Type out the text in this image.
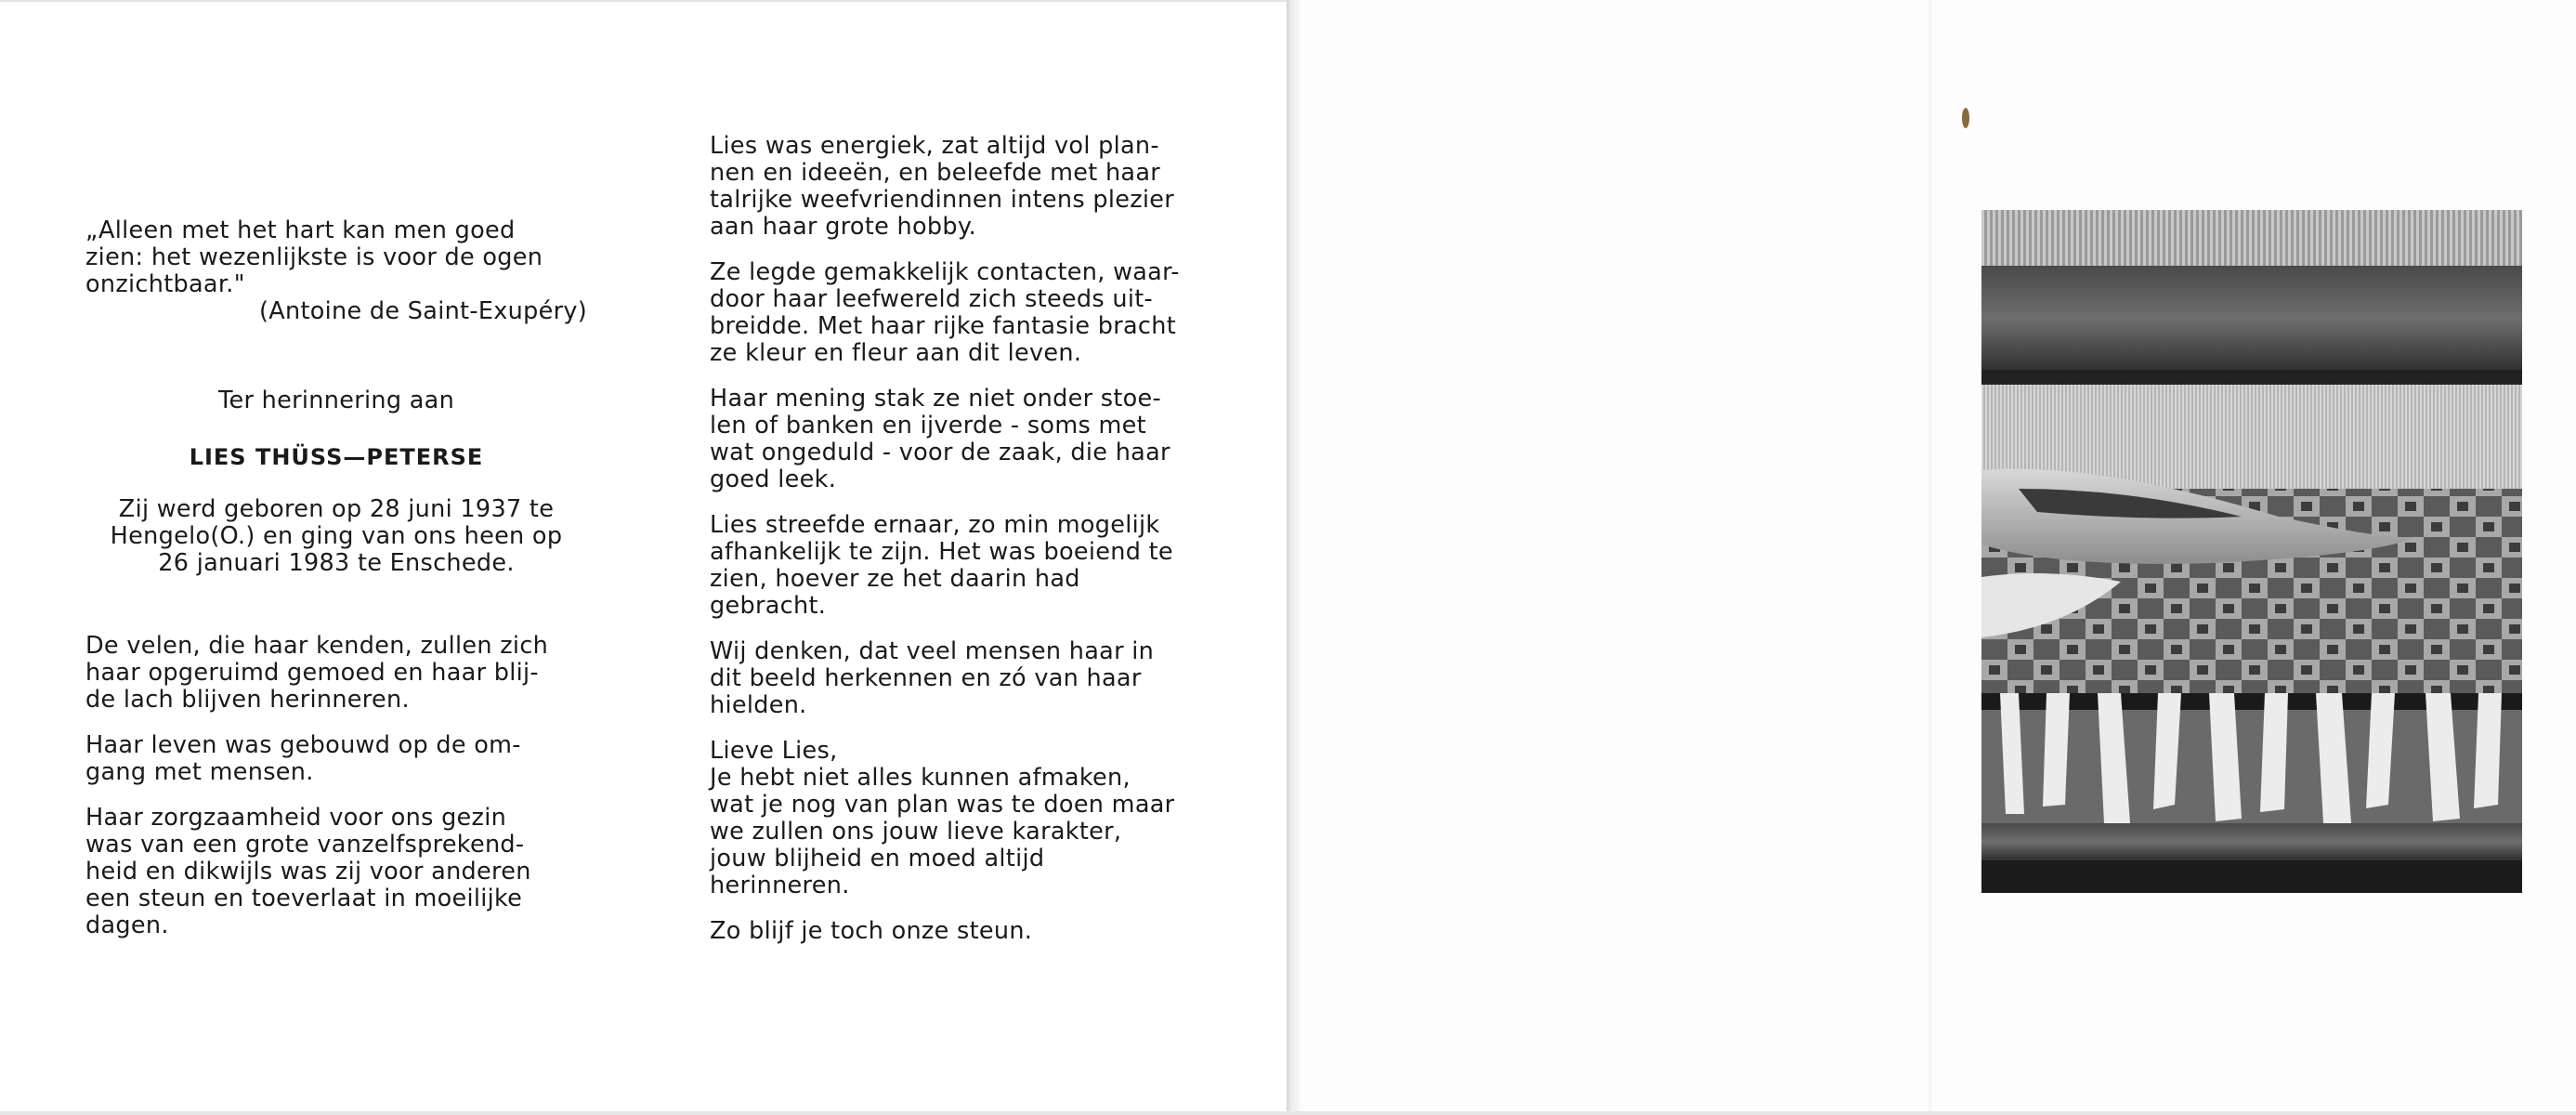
„Alleen met het hart kan men goed
zien: het wezenlijkste is voor de ogen
onzichtbaar."

(Antoine de Saint-Exupéry)

Ter herinnering aan

LIES THÜSS—PETERSE

Zij werd geboren op 28 juni 1937 te
Hengelo(O.) en ging van ons heen op
26 januari 1983 te Enschede.

De velen, die haar kenden, zullen zich
haar opgeruimd gemoed en haar blij-
de lach blijven herinneren.

Haar leven was gebouwd op de om-
gang met mensen.

Haar zorgzaamheid voor ons gezin
was van een grote vanzelfsprekend-
heid en dikwijls was zij voor anderen
een steun en toeverlaat in moeilijke
dagen.

Lies was energiek, zat altijd vol plan-
nen en ideeën, en beleefde met haar
talrijke weefvriendinnen intens plezier
aan haar grote hobby.

Ze legde gemakkelijk contacten, waar-
door haar leefwereld zich steeds uit-
breidde. Met haar rijke fantasie bracht
ze kleur en fleur aan dit leven.

Haar mening stak ze niet onder stoe-
len of banken en ijverde - soms met
wat ongeduld - voor de zaak, die haar
goed leek.

Lies streefde ernaar, zo min mogelijk
afhankelijk te zijn. Het was boeiend te
zien, hoever ze het daarin had
gebracht.

Wij denken, dat veel mensen haar in
dit beeld herkennen en zó van haar
hielden.

Lieve Lies,

Je hebt niet alles kunnen afmaken,
wat je nog van plan was te doen maar
we zullen ons jouw lieve karakter,
jouw blijheid en moed altijd
herinneren.

Zo blijf je toch onze steun.
